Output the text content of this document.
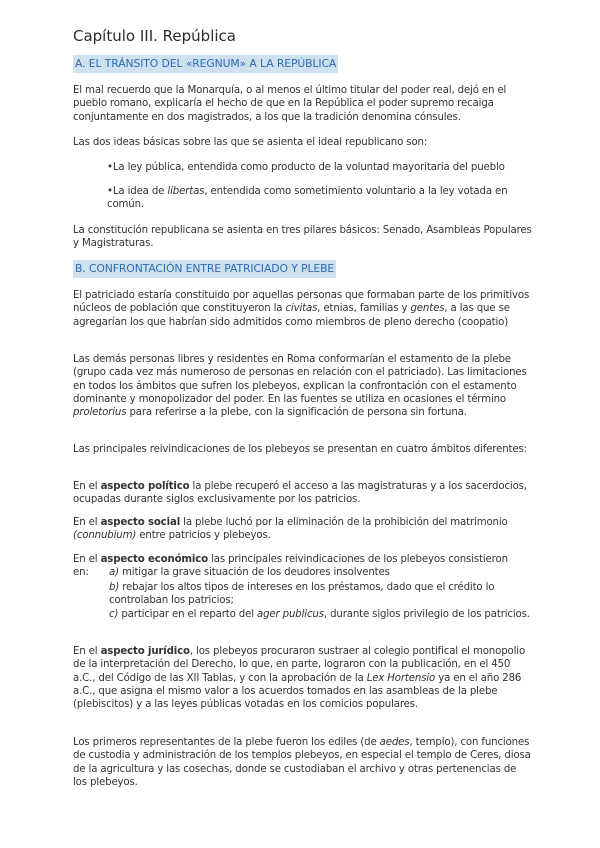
Capítulo III. República
A. EL TRÁNSITO DEL «REGNUM» A LA REPÚBLICA

El mal recuerdo que la Monarquía, o al menos el último titular del poder real, dejó en el pueblo romano, explicaría el hecho de que en la República el poder supremo recaiga conjuntamente en dos magistrados, a los que la tradición denomina cónsules.

Las dos ideas básicas sobre las que se asienta el ideal republicano son:

•La ley pública, entendida como producto de la voluntad mayoritaria del pueblo

•La idea de libertas, entendida como sometimiento voluntario a la ley votada en común.

La constitución republicana se asienta en tres pilares básicos: Senado, Asambleas Populares y Magistraturas.

B. CONFRONTACIÓN ENTRE PATRICIADO Y PLEBE

El patriciado estaría constituido por aquellas personas que formaban parte de los primitivos núcleos de población que constituyeron la civitas, etnias, familias y gentes, a las que se agregarían los que habrían sido admitidos como miembros de pleno derecho (coopatio)

Las demás personas libres y residentes en Roma conformarían el estamento de la plebe (grupo cada vez más numeroso de personas en relación con el patriciado). Las limitaciones en todos los ámbitos que sufren los plebeyos, explican la confrontación con el estamento dominante y monopolizador del poder. En las fuentes se utiliza en ocasiones el término proletorius para referirse a la plebe, con la significación de persona sin fortuna.

Las principales reivindicaciones de los plebeyos se presentan en cuatro ámbitos diferentes:

En el aspecto político la plebe recuperó el acceso a las magistraturas y a los sacerdocios, ocupadas durante siglos exclusivamente por los patricios.

En el aspecto social la plebe luchó por la eliminación de la prohibición del matrimonio (connubium) entre patricios y plebeyos.

En el aspecto económico las principales reivindicaciones de los plebeyos consistieron

en: a) mitigar la grave situación de los deudores insolventes

b) rebajar los altos tipos de intereses en los préstamos, dado que el crédito lo controlaban los patricios;

c) participar en el reparto del ager publicus, durante siglos privilegio de los patricios.

En el aspecto jurídico, los plebeyos procuraron sustraer al colegio pontifical el monopolio de la interpretación del Derecho, lo que, en parte, lograron con la publicación, en el 450 a.C., del Código de las XII Tablas, y con la aprobación de la Lex Hortensio ya en el año 286 a.C., que asigna el mismo valor a los acuerdos tomados en las asambleas de la plebe (plebiscitos) y a las leyes públicas votadas en los comicios populares.

Los primeros representantes de la plebe fueron los ediles (de aedes, templo), con funciones de custodia y administración de los templos plebeyos, en especial el templo de Ceres, diosa de la agricultura y las cosechas, donde se custodiaban el archivo y otras pertenencias de los plebeyos.
